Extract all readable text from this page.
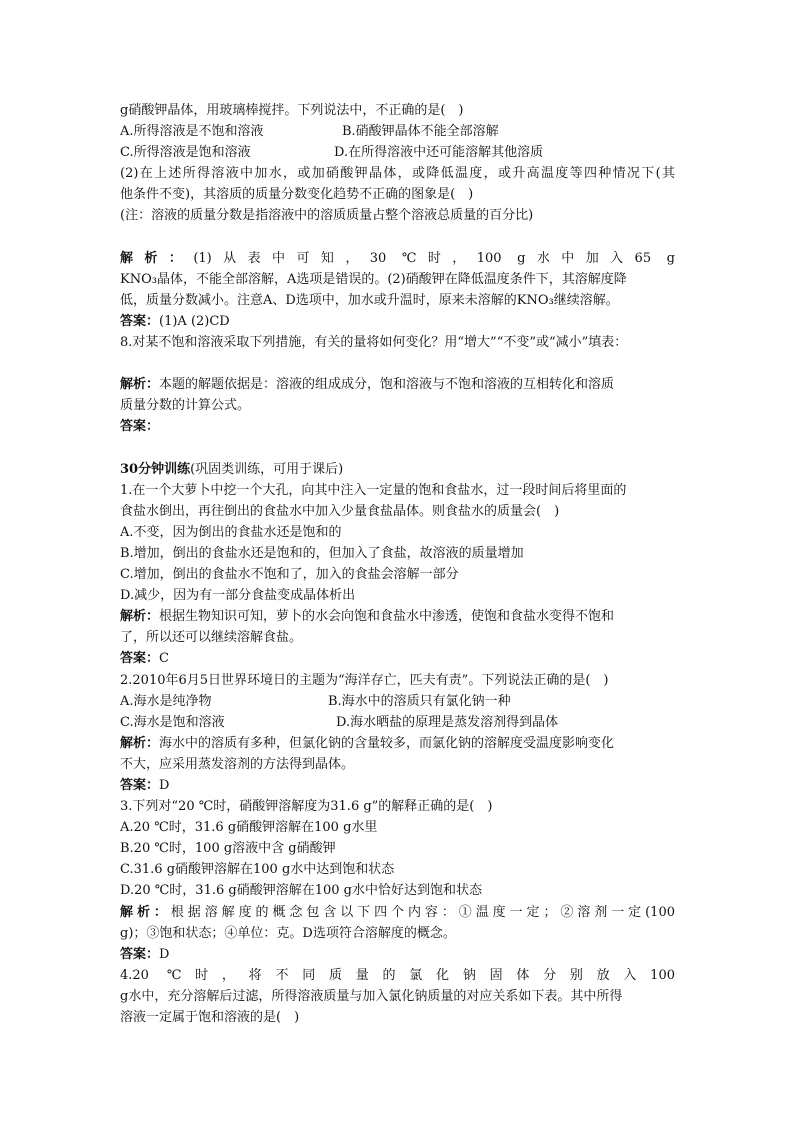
g硝酸钾晶体，用玻璃棒搅拌。下列说法中，不正确的是(　)
A.所得溶液是不饱和溶液	B.硝酸钾晶体不能全部溶解
C.所得溶液是饱和溶液	D.在所得溶液中还可能溶解其他溶质
(2)在上述所得溶液中加水，或加硝酸钾晶体，或降低温度，或升高温度等四种情况下(其
他条件不变)，其溶质的质量分数变化趋势不正确的图象是(　)
(注：溶液的质量分数是指溶液中的溶质质量占整个溶液总质量的百分比)
解析：(1)从表中可知，30 ℃时，100 g水中加入65 g
KNO₃晶体，不能全部溶解，A选项是错误的。(2)硝酸钾在降低温度条件下，其溶解度降
低，质量分数减小。注意A、D选项中，加水或升温时，原来未溶解的KNO₃继续溶解。
答案：(1)A (2)CD
8.对某不饱和溶液采取下列措施，有关的量将如何变化？用“增大”“不变”或“减小”填表：
解析：本题的解题依据是：溶液的组成成分，饱和溶液与不饱和溶液的互相转化和溶质
质量分数的计算公式。
答案：
30分钟训练(巩固类训练，可用于课后)
1.在一个大萝卜中挖一个大孔，向其中注入一定量的饱和食盐水，过一段时间后将里面的
食盐水倒出，再往倒出的食盐水中加入少量食盐晶体。则食盐水的质量会(　)
A.不变，因为倒出的食盐水还是饱和的
B.增加，倒出的食盐水还是饱和的，但加入了食盐，故溶液的质量增加
C.增加，倒出的食盐水不饱和了，加入的食盐会溶解一部分
D.减少，因为有一部分食盐变成晶体析出
解析：根据生物知识可知，萝卜的水会向饱和食盐水中渗透，使饱和食盐水变得不饱和
了，所以还可以继续溶解食盐。
答案：C
2.2010年6月5日世界环境日的主题为“海洋存亡，匹夫有责”。下列说法正确的是(　)
A.海水是纯净物	B.海水中的溶质只有氯化钠一种
C.海水是饱和溶液	D.海水晒盐的原理是蒸发溶剂得到晶体
解析：海水中的溶质有多种，但氯化钠的含量较多，而氯化钠的溶解度受温度影响变化
不大，应采用蒸发溶剂的方法得到晶体。
答案：D
3.下列对“20 ℃时，硝酸钾溶解度为31.6 g”的解释正确的是(　)
A.20 ℃时，31.6 g硝酸钾溶解在100 g水里
B.20 ℃时，100 g溶液中含 g硝酸钾
C.31.6 g硝酸钾溶解在100 g水中达到饱和状态
D.20 ℃时，31.6 g硝酸钾溶解在100 g水中恰好达到饱和状态
解析：根据溶解度的概念包含以下四个内容：①温度一定；②溶剂一定(100
g)；③饱和状态；④单位：克。D选项符合溶解度的概念。
答案：D
4.20 ℃时，将不同质量的氯化钠固体分别放入100
g水中，充分溶解后过滤，所得溶液质量与加入氯化钠质量的对应关系如下表。其中所得
溶液一定属于饱和溶液的是(　)
